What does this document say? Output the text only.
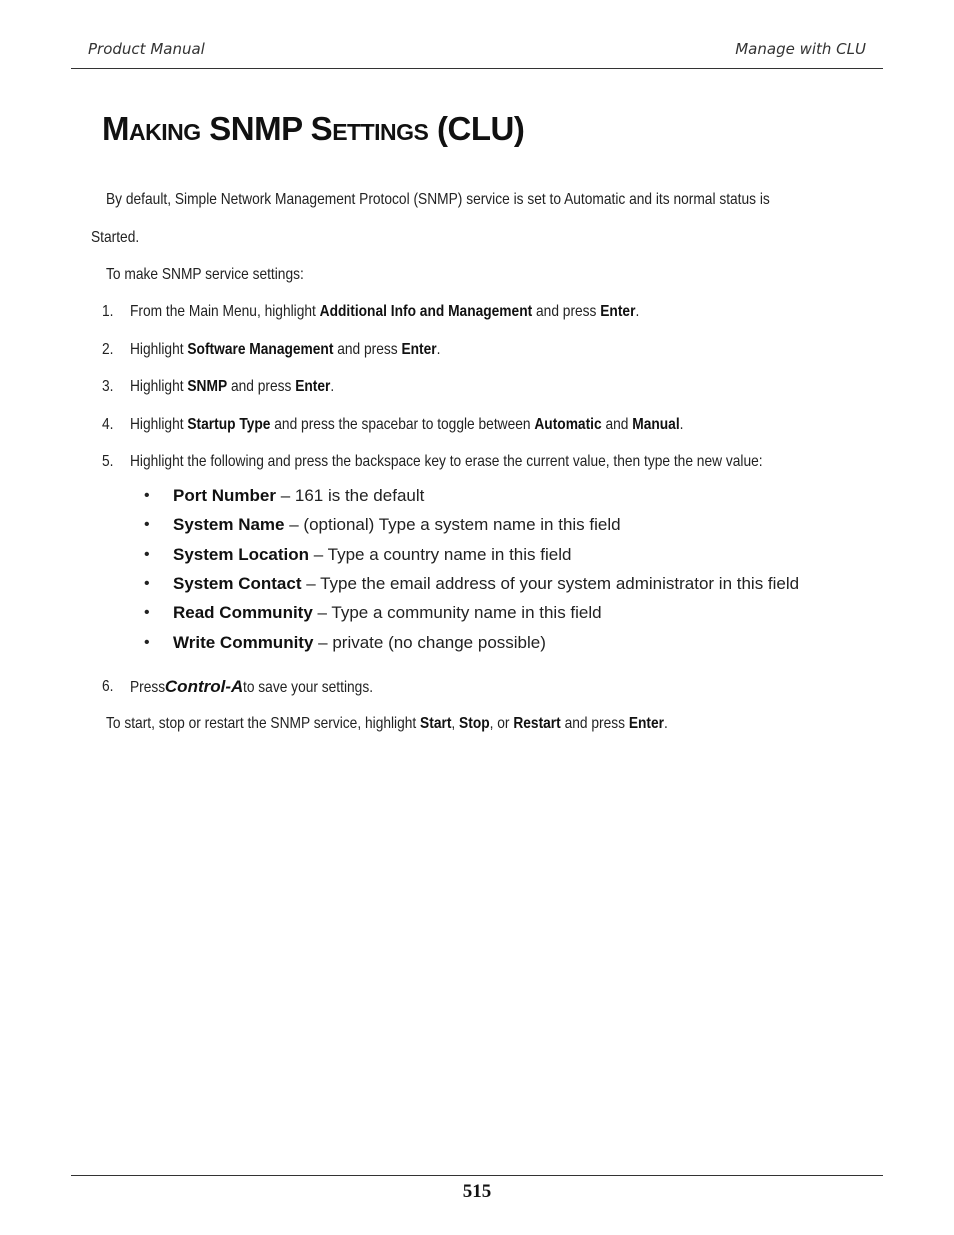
Product Manual	Manage with CLU
Making SNMP Settings (CLU)
By default, Simple Network Management Protocol (SNMP) service is set to Automatic and its normal status is
Started.
To make SNMP service settings:
1. From the Main Menu, highlight Additional Info and Management and press Enter.
2. Highlight Software Management and press Enter.
3. Highlight SNMP and press Enter.
4. Highlight Startup Type and press the spacebar to toggle between Automatic and Manual.
5. Highlight the following and press the backspace key to erase the current value, then type the new value:
• Port Number – 161 is the default
• System Name – (optional) Type a system name in this field
• System Location – Type a country name in this field
• System Contact – Type the email address of your system administrator in this field
• Read Community – Type a community name in this field
• Write Community – private (no change possible)
6. PressControl-Ato save your settings.
To start, stop or restart the SNMP service, highlight Start, Stop, or Restart and press Enter.
515
